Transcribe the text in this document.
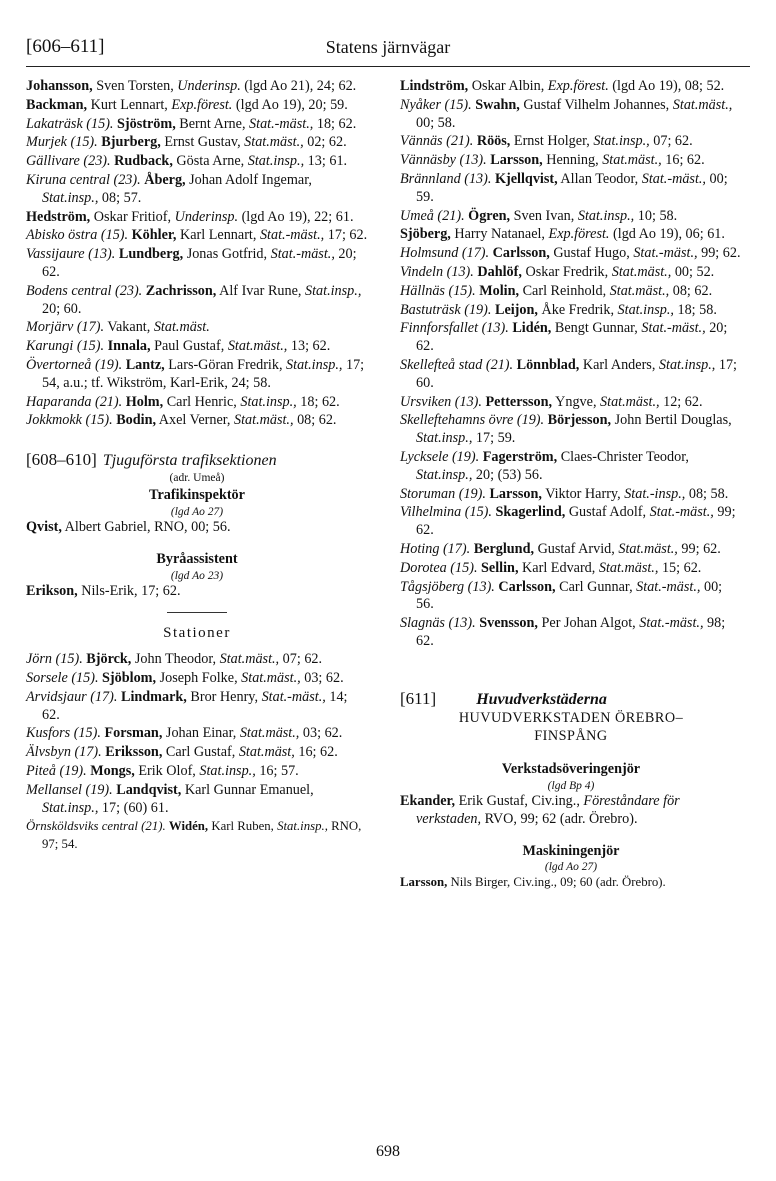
[606–611]	Statens järnvägar
Johansson, Sven Torsten, Underinsp. (lgd Ao 21), 24; 62.
Backman, Kurt Lennart, Exp.förest. (lgd Ao 19), 20; 59.
Lakaträsk (15). Sjöström, Bernt Arne, Stat.-mäst., 18; 62.
Murjek (15). Bjurberg, Ernst Gustav, Stat.mäst., 02; 62.
Gällivare (23). Rudback, Gösta Arne, Stat.insp., 13; 61.
Kiruna central (23). Åberg, Johan Adolf Ingemar, Stat.insp., 08; 57.
Hedström, Oskar Fritiof, Underinsp. (lgd Ao 19), 22; 61.
Abisko östra (15). Köhler, Karl Lennart, Stat.-mäst., 17; 62.
Vassijaure (13). Lundberg, Jonas Gotfrid, Stat.-mäst., 20; 62.
Bodens central (23). Zachrisson, Alf Ivar Rune, Stat.insp., 20; 60.
Morjärv (17). Vakant, Stat.mäst.
Karungi (15). Innala, Paul Gustaf, Stat.mäst., 13; 62.
Övertorneå (19). Lantz, Lars-Göran Fredrik, Stat.insp., 17; 54, a.u.; tf. Wikström, Karl-Erik, 24; 58.
Haparanda (21). Holm, Carl Henric, Stat.insp., 18; 62.
Jokkmokk (15). Bodin, Axel Verner, Stat.mäst., 08; 62.
[608–610] Tjuguförsta trafiksektionen
(adr. Umeå)
Trafikinspektör
(lgd Ao 27)
Qvist, Albert Gabriel, RNO, 00; 56.
Byråassistent
(lgd Ao 23)
Erikson, Nils-Erik, 17; 62.
Stationer
Jörn (15). Björck, John Theodor, Stat.mäst., 07; 62.
Sorsele (15). Sjöblom, Joseph Folke, Stat.mäst., 03; 62.
Arvidsjaur (17). Lindmark, Bror Henry, Stat.-mäst., 14; 62.
Kusfors (15). Forsman, Johan Einar, Stat.mäst., 03; 62.
Älvsbyn (17). Eriksson, Carl Gustaf, Stat.mäst, 16; 62.
Piteå (19). Mongs, Erik Olof, Stat.insp., 16; 57.
Mellansel (19). Landqvist, Karl Gunnar Emanuel, Stat.insp., 17; (60) 61.
Örnsköldsviks central (21). Widén, Karl Ruben, Stat.insp., RNO, 97; 54.
Lindström, Oskar Albin, Exp.förest. (lgd Ao 19), 08; 52.
Nyåker (15). Swahn, Gustaf Vilhelm Johannes, Stat.mäst., 00; 58.
Vännäs (21). Röös, Ernst Holger, Stat.insp., 07; 62.
Vännäsby (13). Larsson, Henning, Stat.mäst., 16; 62.
Brännland (13). Kjellqvist, Allan Teodor, Stat.-mäst., 00; 59.
Umeå (21). Ögren, Sven Ivan, Stat.insp., 10; 58.
Sjöberg, Harry Natanael, Exp.förest. (lgd Ao 19), 06; 61.
Holmsund (17). Carlsson, Gustaf Hugo, Stat.-mäst., 99; 62.
Vindeln (13). Dahlöf, Oskar Fredrik, Stat.mäst., 00; 52.
Hällnäs (15). Molin, Carl Reinhold, Stat.mäst., 08; 62.
Bastuträsk (19). Leijon, Åke Fredrik, Stat.insp., 18; 58.
Finnforsfallet (13). Lidén, Bengt Gunnar, Stat.-mäst., 20; 62.
Skellefteå stad (21). Lönnblad, Karl Anders, Stat.insp., 17; 60.
Ursviken (13). Pettersson, Yngve, Stat.mäst., 12; 62.
Skelleftehamns övre (19). Börjesson, John Bertil Douglas, Stat.insp., 17; 59.
Lycksele (19). Fagerström, Claes-Christer Teodor, Stat.insp., 20; (53) 56.
Storuman (19). Larsson, Viktor Harry, Stat.-insp., 08; 58.
Vilhelmina (15). Skagerlind, Gustaf Adolf, Stat.-mäst., 99; 62.
Hoting (17). Berglund, Gustaf Arvid, Stat.mäst., 99; 62.
Dorotea (15). Sellin, Karl Edvard, Stat.mäst., 15; 62.
Tågsjöberg (13). Carlsson, Carl Gunnar, Stat.-mäst., 00; 56.
Slagnäs (13). Svensson, Per Johan Algot, Stat.-mäst., 98; 62.
[611]	Huvudverkstäderna
HUVUDVERKSTADEN ÖREBRO–
FINSPÅNG
Verkstadsöveringenjör
(lgd Bp 4)
Ekander, Erik Gustaf, Civ.ing., Föreståndare för verkstaden, RVO, 99; 62 (adr. Örebro).
Maskiningenjör
(lgd Ao 27)
Larsson, Nils Birger, Civ.ing., 09; 60 (adr. Örebro).
698
